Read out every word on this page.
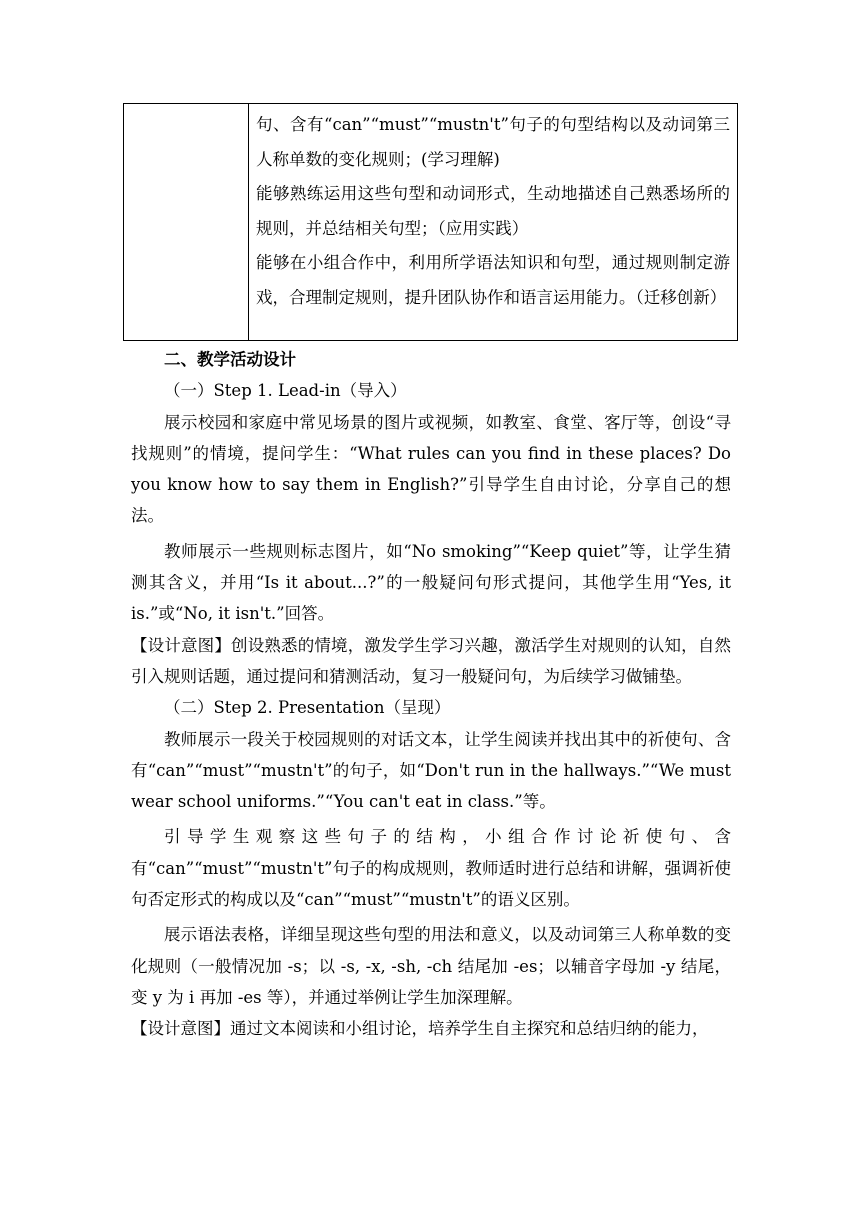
句、含有“can”“must”“mustn't”句子的句型结构以及动词第三人称单数的变化规则；(学习理解)

能够熟练运用这些句型和动词形式，生动地描述自己熟悉场所的规则，并总结相关句型；（应用实践）

能够在小组合作中，利用所学语法知识和句型，通过规则制定游戏，合理制定规则，提升团队协作和语言运用能力。（迁移创新）

二、教学活动设计

（一）Step 1. Lead-in（导入）

展示校园和家庭中常见场景的图片或视频，如教室、食堂、客厅等，创设“寻找规则”的情境，提问学生：“What rules can you find in these places? Do you know how to say them in English?”引导学生自由讨论，分享自己的想法。

教师展示一些规则标志图片，如“No smoking”“Keep quiet”等，让学生猜测其含义，并用“Is it about...?”的一般疑问句形式提问，其他学生用“Yes, it is.”或“No, it isn't.”回答。

【设计意图】创设熟悉的情境，激发学生学习兴趣，激活学生对规则的认知，自然引入规则话题，通过提问和猜测活动，复习一般疑问句，为后续学习做铺垫。

（二）Step 2. Presentation（呈现）

教师展示一段关于校园规则的对话文本，让学生阅读并找出其中的祈使句、含有“can”“must”“mustn't”的句子，如“Don't run in the hallways.”“We must wear school uniforms.”“You can't eat in class.”等。

引导学生观察这些句子的结构，小组合作讨论祈使句、含有“can”“must”“mustn't”句子的构成规则，教师适时进行总结和讲解，强调祈使句否定形式的构成以及“can”“must”“mustn't”的语义区别。

展示语法表格，详细呈现这些句型的用法和意义，以及动词第三人称单数的变化规则（一般情况加 -s；以 -s, -x, -sh, -ch 结尾加 -es；以辅音字母加 -y 结尾，变 y 为 i 再加 -es 等），并通过举例让学生加深理解。

【设计意图】通过文本阅读和小组讨论，培养学生自主探究和总结归纳的能力，
